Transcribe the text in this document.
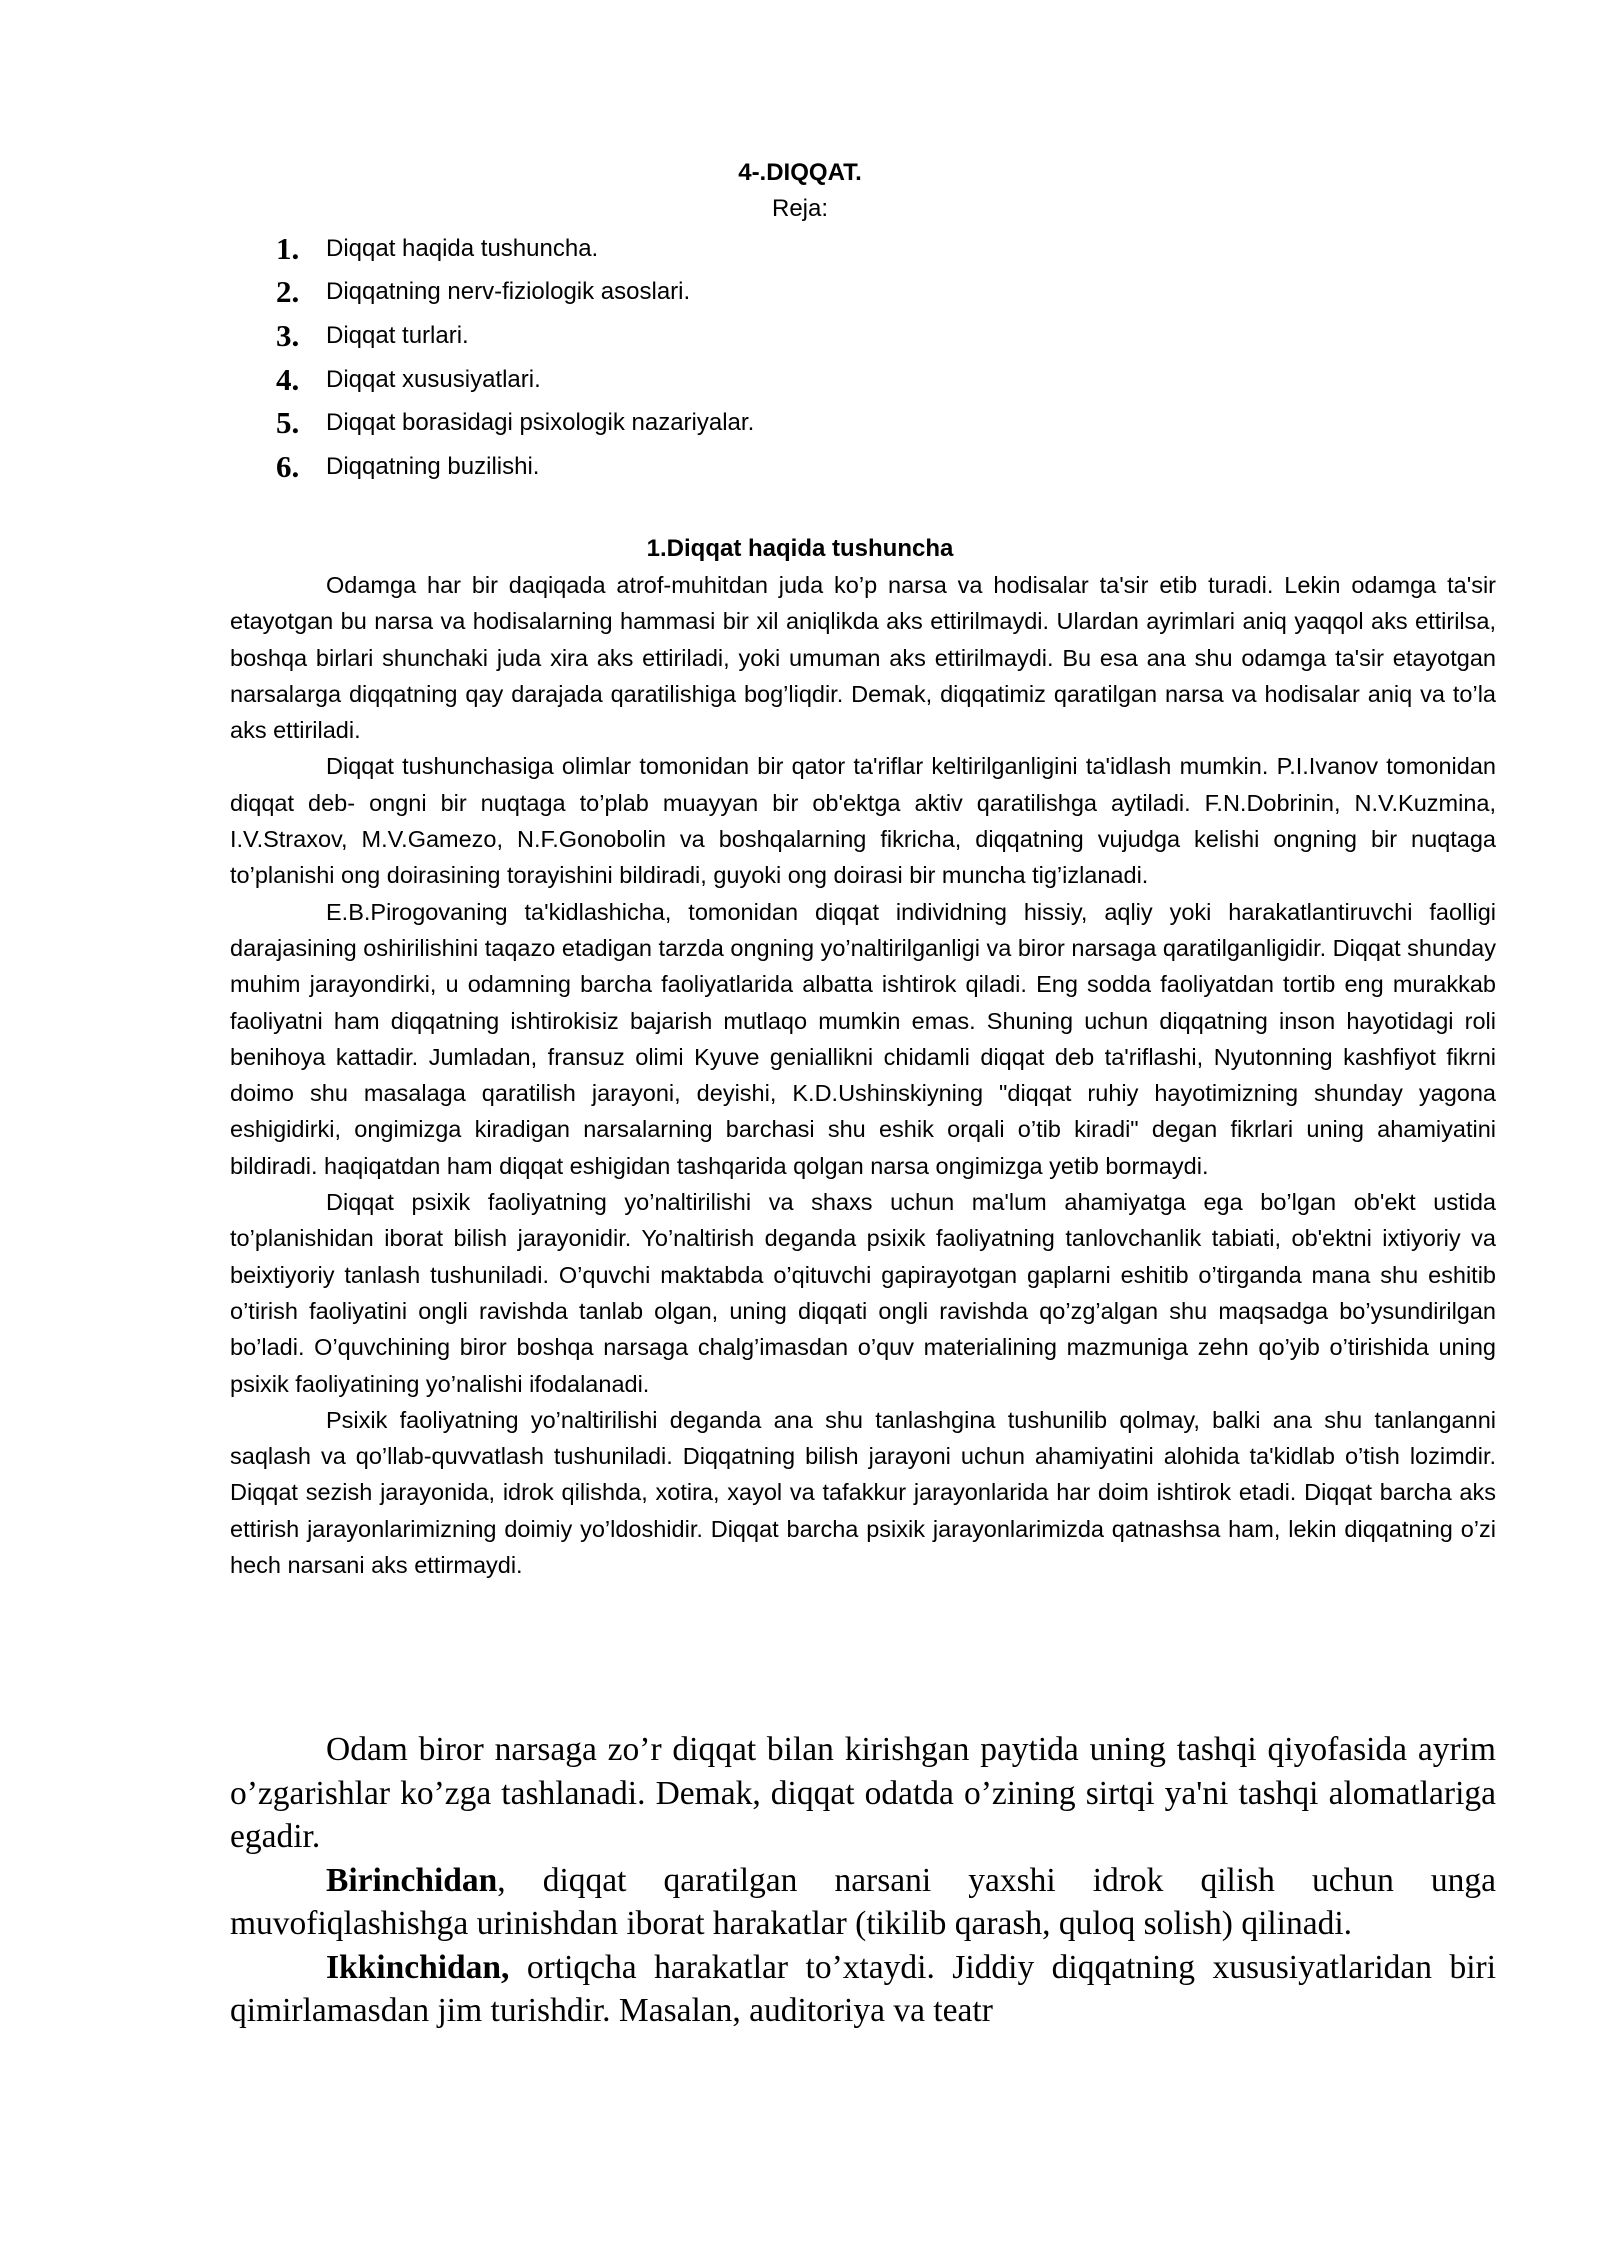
4-.DIQQAT.
Reja:
1.	Diqqat haqida tushuncha.
2.	Diqqatning nerv-fiziologik asoslari.
3.	Diqqat turlari.
4.	Diqqat xususiyatlari.
5.	Diqqat borasidagi psixologik nazariyalar.
6.	Diqqatning buzilishi.
1.Diqqat haqida tushuncha

Odamga har bir daqiqada atrof-muhitdan juda ko’p narsa va hodisalar ta'sir etib turadi. Lekin odamga ta'sir etayotgan bu narsa va hodisalarning hammasi bir xil aniqlikda aks ettirilmaydi. Ulardan ayrimlari aniq yaqqol aks ettirilsa, boshqa birlari shunchaki juda xira aks ettiriladi, yoki umuman aks ettirilmaydi. Bu esa ana shu odamga ta'sir etayotgan narsalarga diqqatning qay darajada qaratilishiga bog’liqdir. Demak, diqqatimiz qaratilgan narsa va hodisalar aniq va to’la aks ettiriladi.

Diqqat tushunchasiga olimlar tomonidan bir qator ta'riflar keltirilganligini ta'idlash mumkin. P.I.Ivanov tomonidan diqqat deb- ongni bir nuqtaga to’plab muayyan bir ob'ektga aktiv qaratilishga aytiladi. F.N.Dobrinin, N.V.Kuzmina, I.V.Straxov, M.V.Gamezo, N.F.Gonobolin va boshqalarning fikricha, diqqatning vujudga kelishi ongning bir nuqtaga to’planishi ong doirasining torayishini bildiradi, guyoki ong doirasi bir muncha tig’izlanadi.

E.B.Pirogovaning ta'kidlashicha, tomonidan diqqat individning hissiy, aqliy yoki harakatlantiruvchi faolligi darajasining oshirilishini taqazo etadigan tarzda ongning yo’naltirilganligi va biror narsaga qaratilganligidir. Diqqat shunday muhim jarayondirki, u odamning barcha faoliyatlarida albatta ishtirok qiladi. Eng sodda faoliyatdan tortib eng murakkab faoliyatni ham diqqatning ishtirokisiz bajarish mutlaqo mumkin emas. Shuning uchun diqqatning inson hayotidagi roli benihoya kattadir. Jumladan, fransuz olimi Kyuve geniallikni chidamli diqqat deb ta'riflashi, Nyutonning kashfiyot fikrni doimo shu masalaga qaratilish jarayoni, deyishi, K.D.Ushinskiyning "diqqat ruhiy hayotimizning shunday yagona eshigidirki, ongimizga kiradigan narsalarning barchasi shu eshik orqali o’tib kiradi" degan fikrlari uning ahamiyatini bildiradi. haqiqatdan ham diqqat eshigidan tashqarida qolgan narsa ongimizga yetib bormaydi.

Diqqat psixik faoliyatning yo’naltirilishi va shaxs uchun ma'lum ahamiyatga ega bo’lgan ob'ekt ustida to’planishidan iborat bilish jarayonidir. Yo’naltirish deganda psixik faoliyatning tanlovchanlik tabiati, ob'ektni ixtiyoriy va beixtiyoriy tanlash tushuniladi. O’quvchi maktabda o’qituvchi gapirayotgan gaplarni eshitib o’tirganda mana shu eshitib o’tirish faoliyatini ongli ravishda tanlab olgan, uning diqqati ongli ravishda qo’zg’algan shu maqsadga bo’ysundirilgan bo’ladi. O’quvchining biror boshqa narsaga chalg’imasdan o’quv materialining mazmuniga zehn qo’yib o’tirishida uning psixik faoliyatining yo’nalishi ifodalanadi.

Psixik faoliyatning yo’naltirilishi deganda ana shu tanlashgina tushunilib qolmay, balki ana shu tanlanganni saqlash va qo’llab-quvvatlash tushuniladi. Diqqatning bilish jarayoni uchun ahamiyatini alohida ta'kidlab o’tish lozimdir. Diqqat sezish jarayonida, idrok qilishda, xotira, xayol va tafakkur jarayonlarida har doim ishtirok etadi. Diqqat barcha aks ettirish jarayonlarimizning doimiy yo’ldoshidir. Diqqat barcha psixik jarayonlarimizda qatnashsa ham, lekin diqqatning o’zi hech narsani aks ettirmaydi.

Odam biror narsaga zo’r diqqat bilan kirishgan paytida uning tashqi qiyofasida ayrim o’zgarishlar ko’zga tashlanadi. Demak, diqqat odatda o’zining sirtqi ya'ni tashqi alomatlariga egadir.

Birinchidan, diqqat qaratilgan narsani yaxshi idrok qilish uchun unga muvofiqlashishga urinishdan iborat harakatlar (tikilib qarash, quloq solish) qilinadi.

Ikkinchidan, ortiqcha harakatlar to’xtaydi. Jiddiy diqqatning xususiyatlaridan biri qimirlamasdan jim turishdir. Masalan, auditoriya va teatr
